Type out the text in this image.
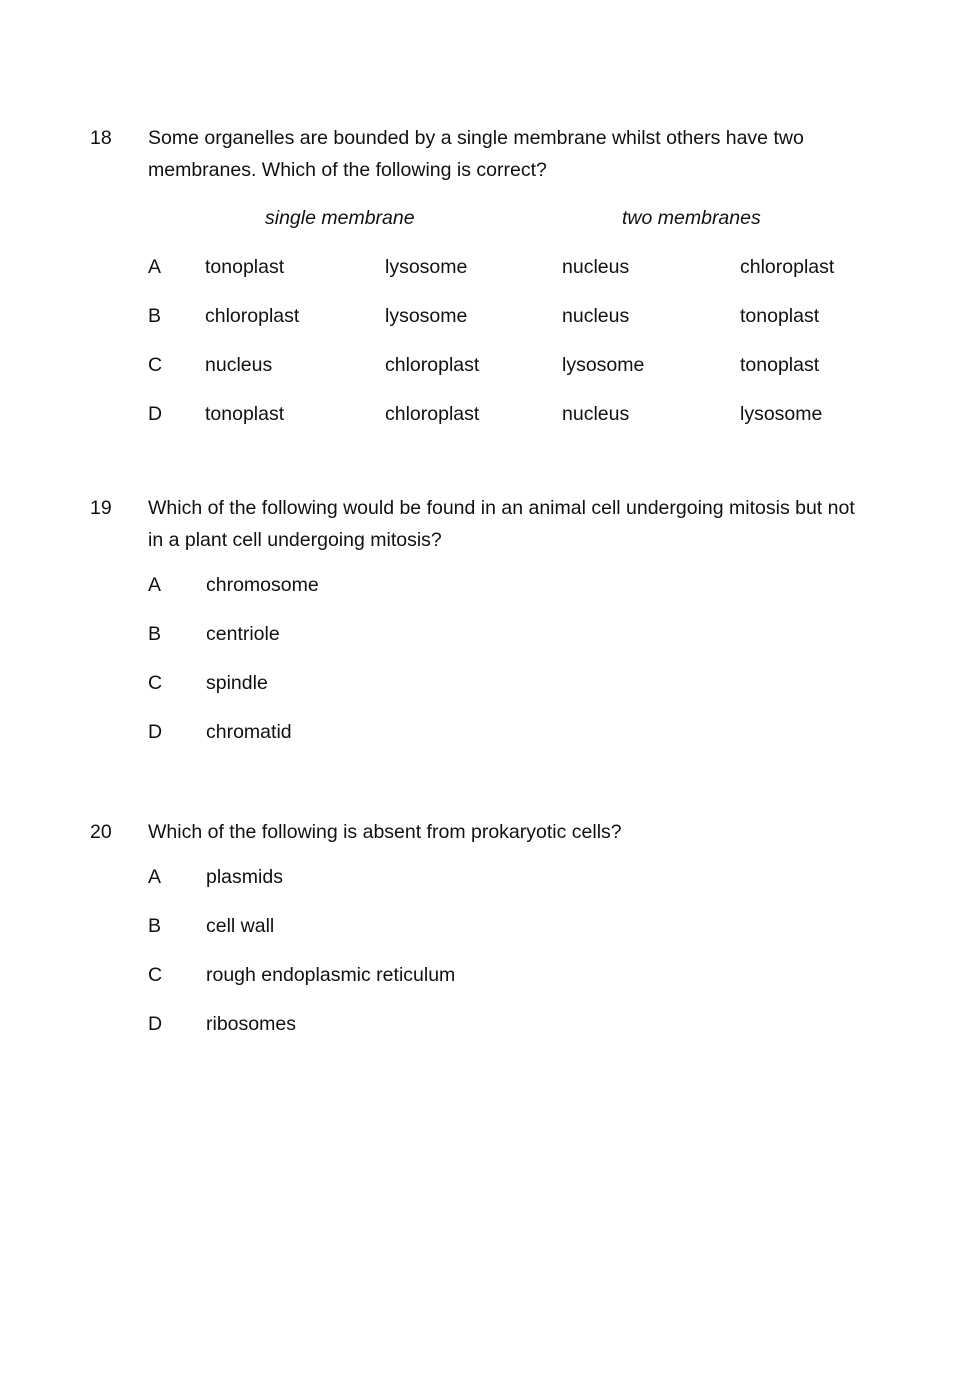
18	Some organelles are bounded by a single membrane whilst others have two membranes. Which of the following is correct?
single membrane	two membranes
A tonoplast	lysosome	nucleus	chloroplast
B chloroplast	lysosome	nucleus	tonoplast
C nucleus	chloroplast	lysosome	tonoplast
D tonoplast	chloroplast	nucleus	lysosome
19	Which of the following would be found in an animal cell undergoing mitosis but not in a plant cell undergoing mitosis?
A	chromosome
B	centriole
C	spindle
D	chromatid
20	Which of the following is absent from prokaryotic cells?
A	plasmids
B	cell wall
C	rough endoplasmic reticulum
D	ribosomes
